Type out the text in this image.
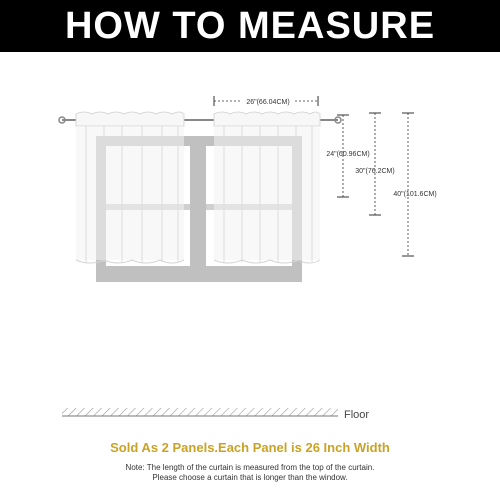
HOW TO MEASURE
26"(66.04CM)
24"(60.96CM)
30"(76.2CM)
40"(101.6CM)
Floor
Sold As 2 Panels.Each Panel is 26 Inch Width
Note: The length of the curtain is measured from the top of the curtain.
Please choose a curtain that is longer than the window.
